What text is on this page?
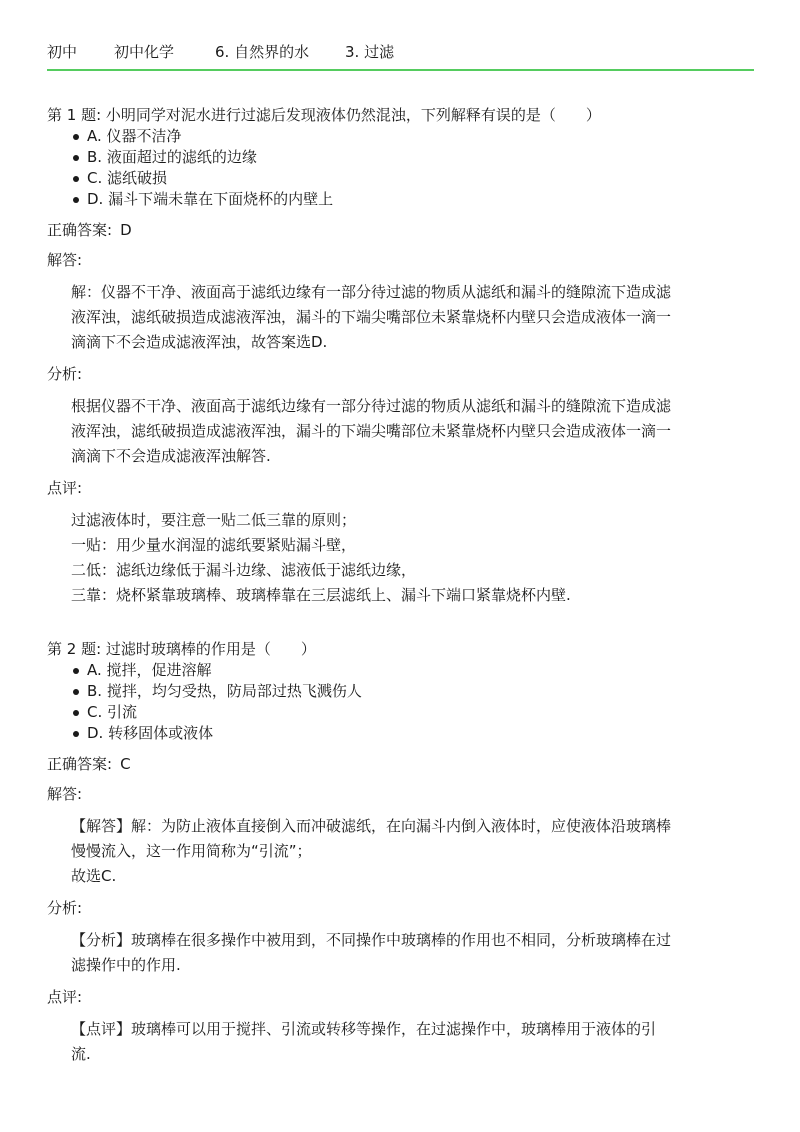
初中	初中化学	6. 自然界的水	3. 过滤

第 1 题: 小明同学对泥水进行过滤后发现液体仍然混浊，下列解释有误的是（　　）

A. 仪器不洁净
B. 液面超过的滤纸的边缘
C. 滤纸破损
D. 漏斗下端未靠在下面烧杯的内壁上
正确答案: D
解答:
解：仪器不干净、液面高于滤纸边缘有一部分待过滤的物质从滤纸和漏斗的缝隙流下造成滤
液浑浊，滤纸破损造成滤液浑浊，漏斗的下端尖嘴部位未紧靠烧杯内壁只会造成液体一滴一
滴滴下不会造成滤液浑浊，故答案选D.
分析:
根据仪器不干净、液面高于滤纸边缘有一部分待过滤的物质从滤纸和漏斗的缝隙流下造成滤
液浑浊，滤纸破损造成滤液浑浊，漏斗的下端尖嘴部位未紧靠烧杯内壁只会造成液体一滴一
滴滴下不会造成滤液浑浊解答.
点评:
过滤液体时，要注意一贴二低三靠的原则；
一贴：用少量水润湿的滤纸要紧贴漏斗壁，
二低：滤纸边缘低于漏斗边缘、滤液低于滤纸边缘，
三靠：烧杯紧靠玻璃棒、玻璃棒靠在三层滤纸上、漏斗下端口紧靠烧杯内壁.

第 2 题: 过滤时玻璃棒的作用是（　　）

A. 搅拌，促进溶解
B. 搅拌，均匀受热，防局部过热飞溅伤人
C. 引流
D. 转移固体或液体
正确答案: C
解答:
【解答】解：为防止液体直接倒入而冲破滤纸，在向漏斗内倒入液体时，应使液体沿玻璃棒
慢慢流入，这一作用简称为“引流”；
故选C.
分析:
【分析】玻璃棒在很多操作中被用到，不同操作中玻璃棒的作用也不相同，分析玻璃棒在过
滤操作中的作用.
点评:
【点评】玻璃棒可以用于搅拌、引流或转移等操作，在过滤操作中，玻璃棒用于液体的引
流.
